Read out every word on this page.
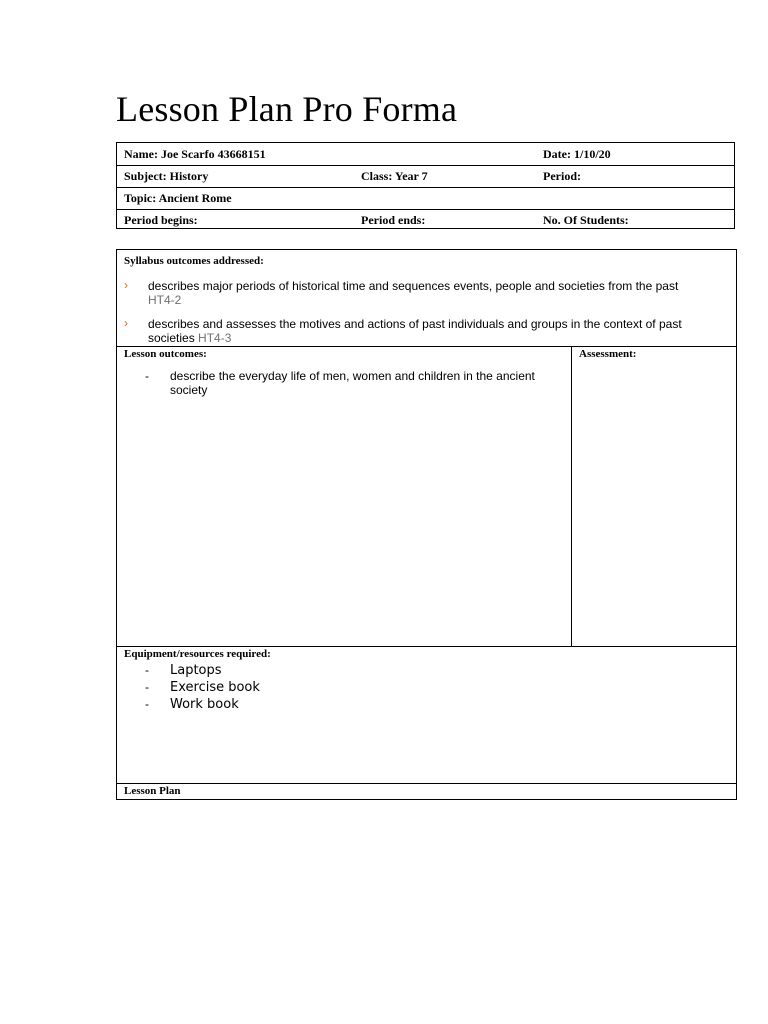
Lesson Plan Pro Forma
Name: Joe Scarfo 43668151	Date: 1/10/20
Subject: History	Class: Year 7	Period:
Topic: Ancient Rome
Period begins:	Period ends:	No. Of Students:
Syllabus outcomes addressed:
› describes major periods of historical time and sequences events, people and societies from the past
HT4-2
› describes and assesses the motives and actions of past individuals and groups in the context of past societies HT4-3
Lesson outcomes:	Assessment:
- describe the everyday life of men, women and children in the ancient society
Equipment/resources required:
- Laptops
- Exercise book
- Work book
Lesson Plan
